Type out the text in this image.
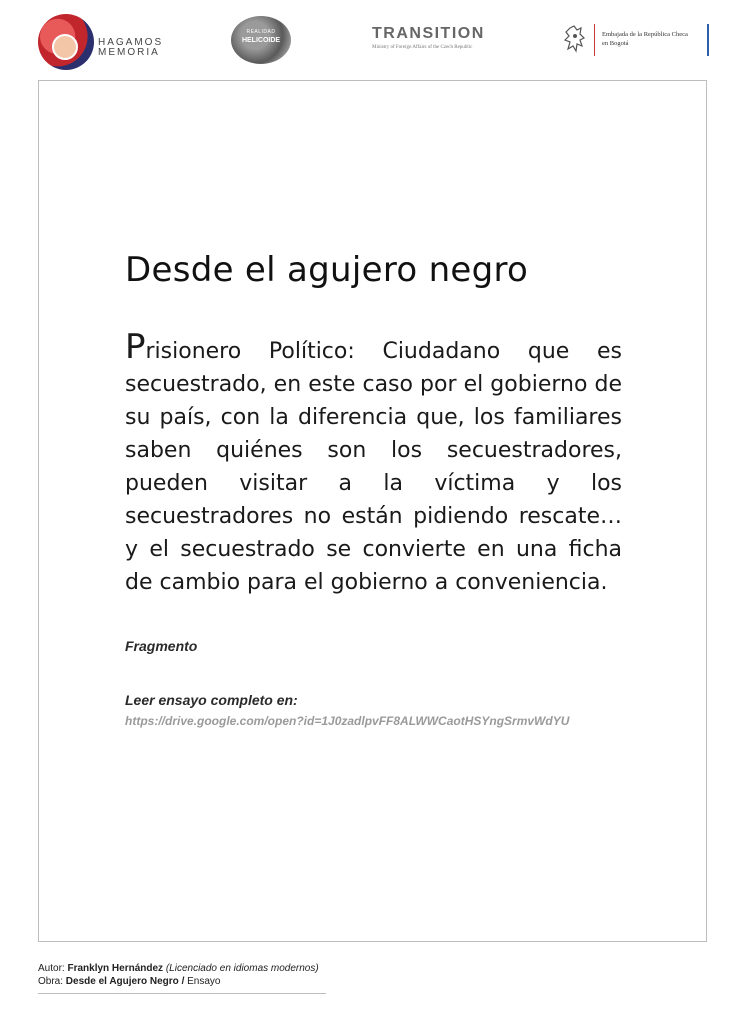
HAGAMOS
MEMORIA
REALIDAD
HELICOIDE	TRANSITION
Ministry of Foreign Affairs of the Czech Republic
Embajada de la República Checa
en Bogotá
Desde el agujero negro
Prisionero Político: Ciudadano que es secuestrado, en este caso por el gobierno de su país, con la diferencia que, los familiares saben quiénes son los secuestradores, pueden visitar a la víctima y los secuestradores no están pidiendo rescate… y el secuestrado se convierte en una ficha de cambio para el gobierno a conveniencia.
Fragmento
Leer ensayo completo en:
https://drive.google.com/open?id=1J0zadlpvFF8ALWWCaotHSYngSrmvWdYU
Autor: Franklyn Hernández (Licenciado en idiomas modernos)
Obra: Desde el Agujero Negro / Ensayo
